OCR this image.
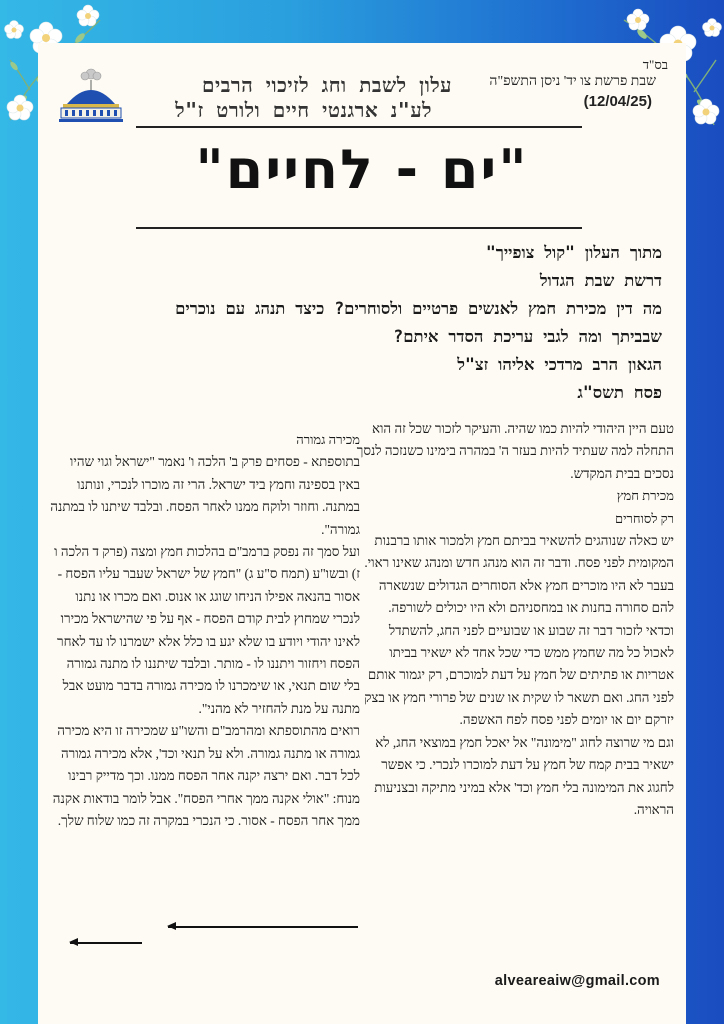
בס"ד
שבת פרשת צו יד' ניסן התשפ"ה
(12/04/25)
עלון לשבת וחג לזיכוי הרבים
לע"נ ארגנטי חיים ולורט ז"ל
"ים - לחיים"
מתוך העלון "קול צופייך"
דרשת שבת הגדול
מה דין מכירת חמץ לאנשים פרטיים ולסוחרים? כיצד תנהג עם נוכרים
שבביתך ומה לגבי עריכת הסדר איתם?
הגאון הרב מרדכי אליהו זצ"ל
פסח תשס"ג

טעם היין היהודי להיות כמו שהיה. והעיקר לזכור שכל זה הוא התחלה למה שעתיד להיות בעזר ה' במהרה בימינו כשנזכה לנסך נסכים בבית המקדש.

מכירת חמץ

רק לסוחרים

יש כאלה שנוהגים להשאיר בביתם חמץ ולמכור אותו ברבנות המקומית לפני פסח. ודבר זה הוא מנהג חדש ומנהג שאינו ראוי. בעבר לא היו מוכרים חמץ אלא הסוחרים הגדולים שנשארה להם סחורה בחנות או במחסניהם ולא היו יכולים לשורפה.

וכדאי לזכור דבר זה שבוע או שבועיים לפני החג, להשתדל לאכול כל מה שחמץ ממש כדי שכל אחד לא ישאיר בביתו אטריות או פתיתים של חמץ על דעת למוכרם, רק יגמור אותם לפני החג. ואם תשאר לו שקית או שנים של פרורי חמץ או בצק יזרקם יום או יומים לפני פסח לפח האשפה.

וגם מי שרוצה לחוג "מימונה" אל יאכל חמץ במוצאי החג, לא ישאיר בבית קמח של חמץ על דעת למוכרו לנכרי. כי אפשר לחגוג את המימונה בלי חמץ וכד' אלא במיני מתיקה ובצניעות הראויה.

מכירה גמורה

בתוספתא - פסחים פרק ב' הלכה ו' נאמר "ישראל וגוי שהיו באין בספינה וחמץ ביד ישראל. הרי זה מוכרו לנכרי, ונותנו במתנה. וחוזר ולוקח ממנו לאחר הפסח. ובלבד שיתנו לו במתנה גמורה".

ועל סמך זה נפסק ברמב"ם בהלכות חמץ ומצה (פרק ד הלכה ו ז) ובשו"ע (תמח ס"ע ג) "חמץ של ישראל שעבר עליו הפסח - אסור בהנאה אפילו הניחו שוגג או אנוס. ואם מכרו או נתנו לנכרי שמחוץ לבית קודם הפסח - אף על פי שהישראל מכירו לאינו יהודי ויודע בו שלא יגע בו כלל אלא ישמרנו לו עד לאחר הפסח ויחזור ויתננו לו - מותר. ובלבד שיתננו לו מתנה גמורה בלי שום תנאי, או שימכרנו לו מכירה גמורה בדבר מועט אבל מתנה על מנת להחזיר לא מהני".

רואים מהתוספתא ומהרמב"ם והשו"ע שמכירה זו היא מכירה גמורה או מתנה גמורה. ולא על תנאי וכד', אלא מכירה גמורה לכל דבר. ואם ירצה יקנה אחר הפסח ממנו. וכך מדייק רבינו מנוח: "אולי אקנה ממך אחרי הפסח". אבל לומר בודאות אקנה ממך אחר הפסח - אסור. כי הנכרי במקרה זה כמו שלוח שלך.

alveareaiw@gmail.com
